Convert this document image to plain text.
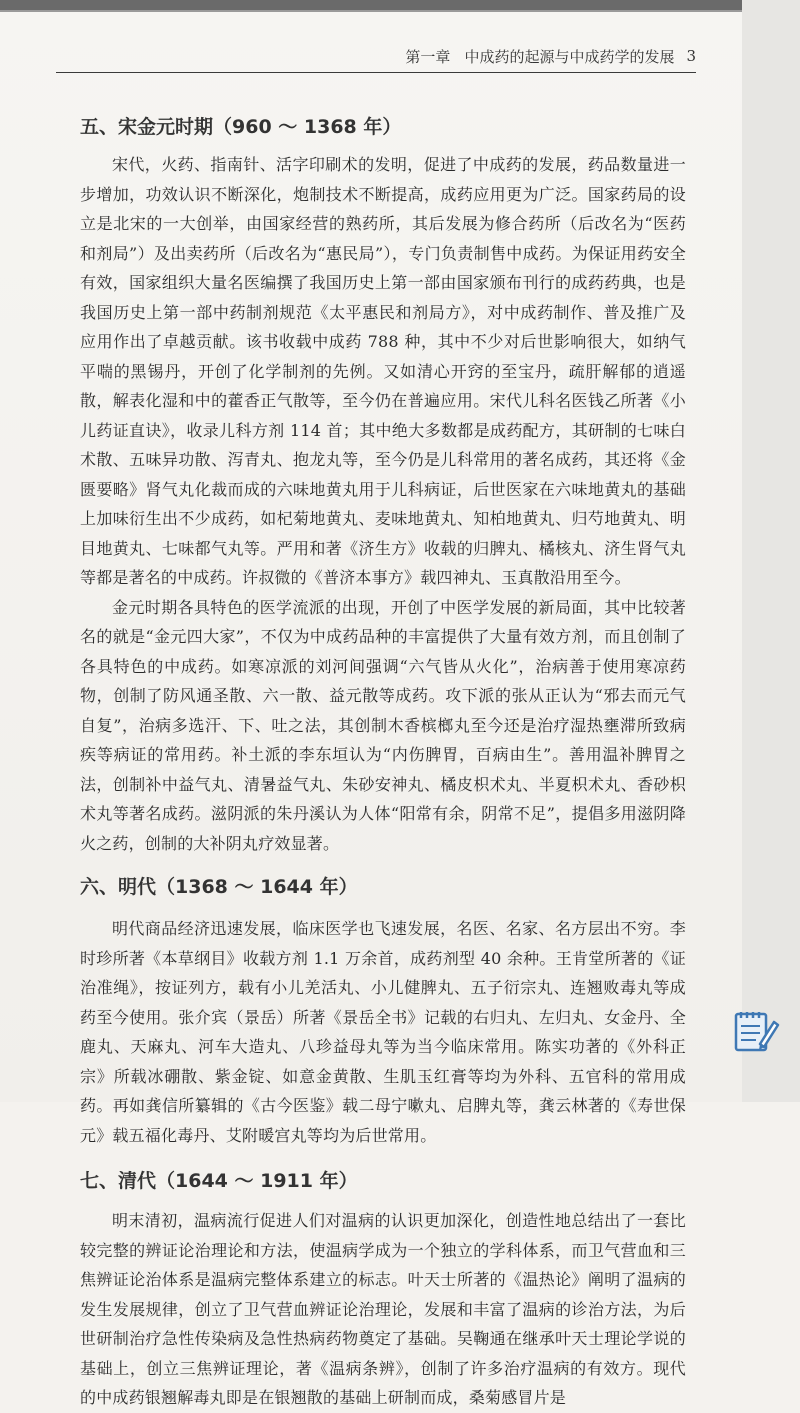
第一章 中成药的起源与中成药学的发展 3
五、宋金元时期（960 ～ 1368 年）

宋代，火药、指南针、活字印刷术的发明，促进了中成药的发展，药品数量进一步增加，功效认识不断深化，炮制技术不断提高，成药应用更为广泛。国家药局的设立是北宋的一大创举，由国家经营的熟药所，其后发展为修合药所（后改名为“医药和剂局”）及出卖药所（后改名为“惠民局”），专门负责制售中成药。为保证用药安全有效，国家组织大量名医编撰了我国历史上第一部由国家颁布刊行的成药药典，也是我国历史上第一部中药制剂规范《太平惠民和剂局方》，对中成药制作、普及推广及应用作出了卓越贡献。该书收载中成药 788 种，其中不少对后世影响很大，如纳气平喘的黑锡丹，开创了化学制剂的先例。又如清心开窍的至宝丹，疏肝解郁的逍遥散，解表化湿和中的藿香正气散等，至今仍在普遍应用。宋代儿科名医钱乙所著《小儿药证直诀》，收录儿科方剂 114 首；其中绝大多数都是成药配方，其研制的七味白术散、五味异功散、泻青丸、抱龙丸等，至今仍是儿科常用的著名成药，其还将《金匮要略》肾气丸化裁而成的六味地黄丸用于儿科病证，后世医家在六味地黄丸的基础上加味衍生出不少成药，如杞菊地黄丸、麦味地黄丸、知柏地黄丸、归芍地黄丸、明目地黄丸、七味都气丸等。严用和著《济生方》收载的归脾丸、橘核丸、济生肾气丸等都是著名的中成药。许叔微的《普济本事方》载四神丸、玉真散沿用至今。

金元时期各具特色的医学流派的出现，开创了中医学发展的新局面，其中比较著名的就是“金元四大家”，不仅为中成药品种的丰富提供了大量有效方剂，而且创制了各具特色的中成药。如寒凉派的刘河间强调“六气皆从火化”，治病善于使用寒凉药物，创制了防风通圣散、六一散、益元散等成药。攻下派的张从正认为“邪去而元气自复”，治病多选汗、下、吐之法，其创制木香槟榔丸至今还是治疗湿热壅滞所致病疾等病证的常用药。补土派的李东垣认为“内伤脾胃，百病由生”。善用温补脾胃之法，创制补中益气丸、清暑益气丸、朱砂安神丸、橘皮枳术丸、半夏枳术丸、香砂枳术丸等著名成药。滋阴派的朱丹溪认为人体“阳常有余，阴常不足”，提倡多用滋阴降火之药，创制的大补阴丸疗效显著。

六、明代（1368 ～ 1644 年）

明代商品经济迅速发展，临床医学也飞速发展，名医、名家、名方层出不穷。李时珍所著《本草纲目》收载方剂 1.1 万余首，成药剂型 40 余种。王肯堂所著的《证治准绳》，按证列方，载有小儿羌活丸、小儿健脾丸、五子衍宗丸、连翘败毒丸等成药至今使用。张介宾（景岳）所著《景岳全书》记载的右归丸、左归丸、女金丹、全鹿丸、天麻丸、河车大造丸、八珍益母丸等为当今临床常用。陈实功著的《外科正宗》所载冰硼散、紫金锭、如意金黄散、生肌玉红膏等均为外科、五官科的常用成药。再如龚信所纂辑的《古今医鉴》载二母宁嗽丸、启脾丸等，龚云林著的《寿世保元》载五福化毒丹、艾附暖宫丸等均为后世常用。

七、清代（1644 ～ 1911 年）

明末清初，温病流行促进人们对温病的认识更加深化，创造性地总结出了一套比较完整的辨证论治理论和方法，使温病学成为一个独立的学科体系，而卫气营血和三焦辨证论治体系是温病完整体系建立的标志。叶天士所著的《温热论》阐明了温病的发生发展规律，创立了卫气营血辨证论治理论，发展和丰富了温病的诊治方法，为后世研制治疗急性传染病及急性热病药物奠定了基础。吴鞠通在继承叶天士理论学说的基础上，创立三焦辨证理论，著《温病条辨》，创制了许多治疗温病的有效方。现代的中成药银翘解毒丸即是在银翘散的基础上研制而成，桑菊感冒片是
